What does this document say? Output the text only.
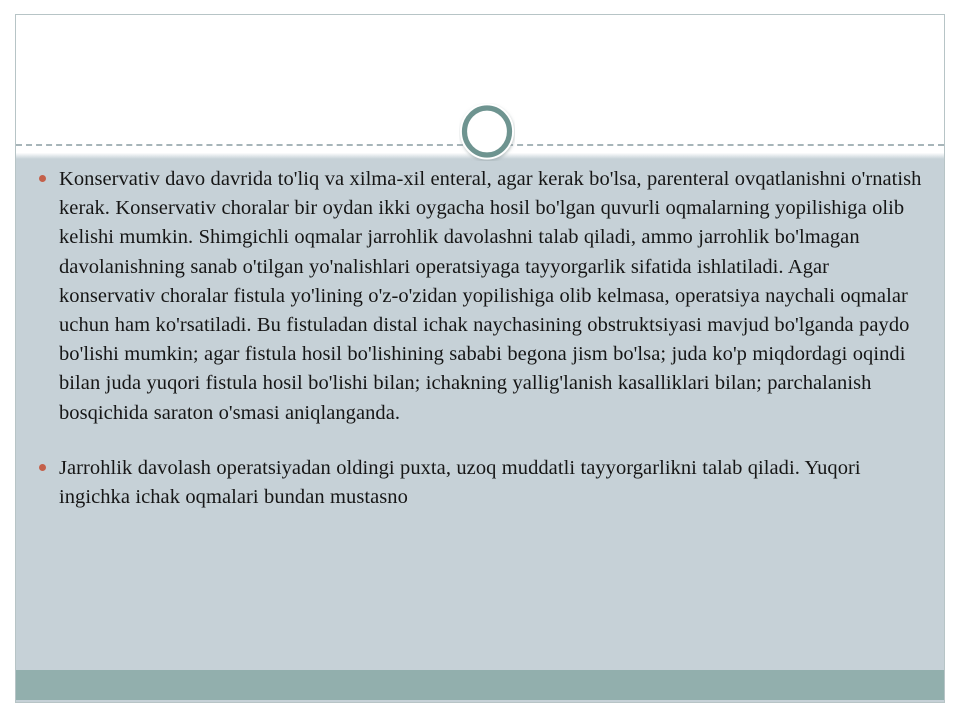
Konservativ davo davrida to'liq va xilma-xil enteral, agar kerak bo'lsa, parenteral ovqatlanishni o'rnatish kerak. Konservativ choralar bir oydan ikki oygacha hosil bo'lgan quvurli oqmalarning yopilishiga olib kelishi mumkin. Shimgichli oqmalar jarrohlik davolashni talab qiladi, ammo jarrohlik bo'lmagan davolanishning sanab o'tilgan yo'nalishlari operatsiyaga tayyorgarlik sifatida ishlatiladi. Agar konservativ choralar fistula yo'lining o'z-o'zidan yopilishiga olib kelmasa, operatsiya naychali oqmalar uchun ham ko'rsatiladi. Bu fistuladan distal ichak naychasining obstruktsiyasi mavjud bo'lganda paydo bo'lishi mumkin; agar fistula hosil bo'lishining sababi begona jism bo'lsa; juda ko'p miqdordagi oqindi bilan juda yuqori fistula hosil bo'lishi bilan; ichakning yallig'lanish kasalliklari bilan; parchalanish bosqichida saraton o'smasi aniqlanganda.
Jarrohlik davolash operatsiyadan oldingi puxta, uzoq muddatli tayyorgarlikni talab qiladi. Yuqori ingichka ichak oqmalari bundan mustasno
